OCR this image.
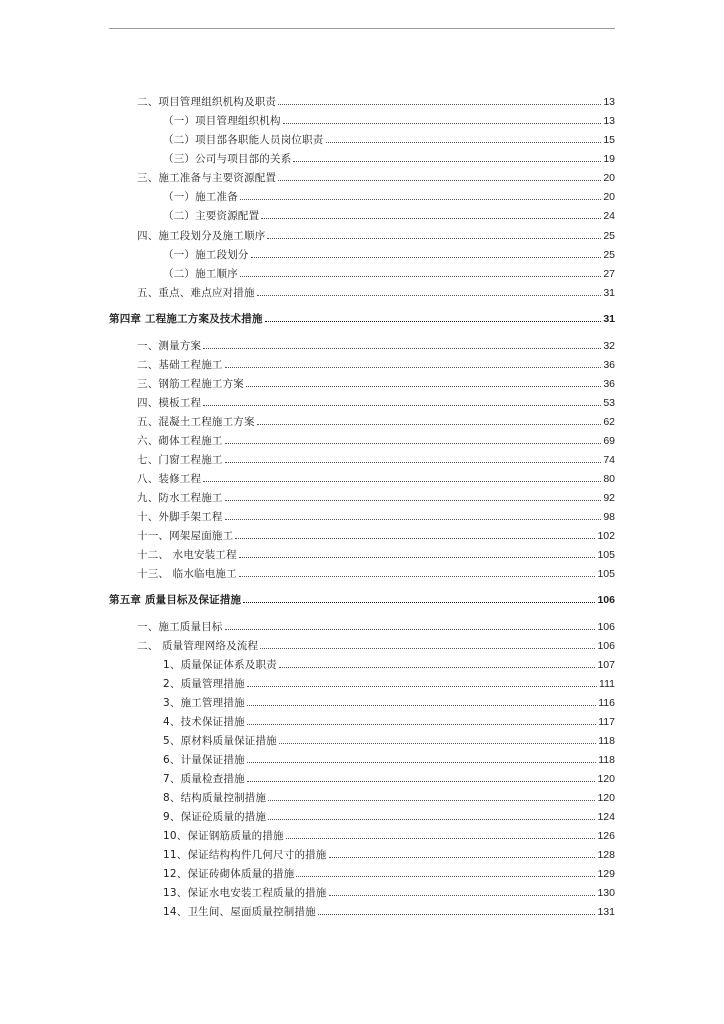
二、项目管理组织机构及职责	13
（一）项目管理组织机构	13
（二）项目部各职能人员岗位职责	15
（三）公司与项目部的关系	19
三、施工准备与主要资源配置	20
（一）施工准备	20
（二）主要资源配置	24
四、施工段划分及施工顺序	25
（一）施工段划分	25
（二）施工顺序	27
五、重点、难点应对措施	31
第四章 工程施工方案及技术措施	31
一、测量方案	32
二、基础工程施工	36
三、钢筋工程施工方案	36
四、模板工程	53
五、混凝土工程施工方案	62
六、砌体工程施工	69
七、门窗工程施工	74
八、装修工程	80
九、防水工程施工	92
十、外脚手架工程	98
十一、网架屋面施工	102
十二、 水电安装工程	105
十三、 临水临电施工	105
第五章 质量目标及保证措施	106
一、施工质量目标	106
二、 质量管理网络及流程	106
1、质量保证体系及职责	107
2、质量管理措施	111
3、施工管理措施	116
4、技术保证措施	117
5、原材料质量保证措施	118
6、计量保证措施	118
7、质量检查措施	120
8、结构质量控制措施	120
9、保证砼质量的措施	124
10、保证钢筋质量的措施	126
11、保证结构构件几何尺寸的措施	128
12、保证砖砌体质量的措施	129
13、保证水电安装工程质量的措施	130
14、卫生间、屋面质量控制措施	131
